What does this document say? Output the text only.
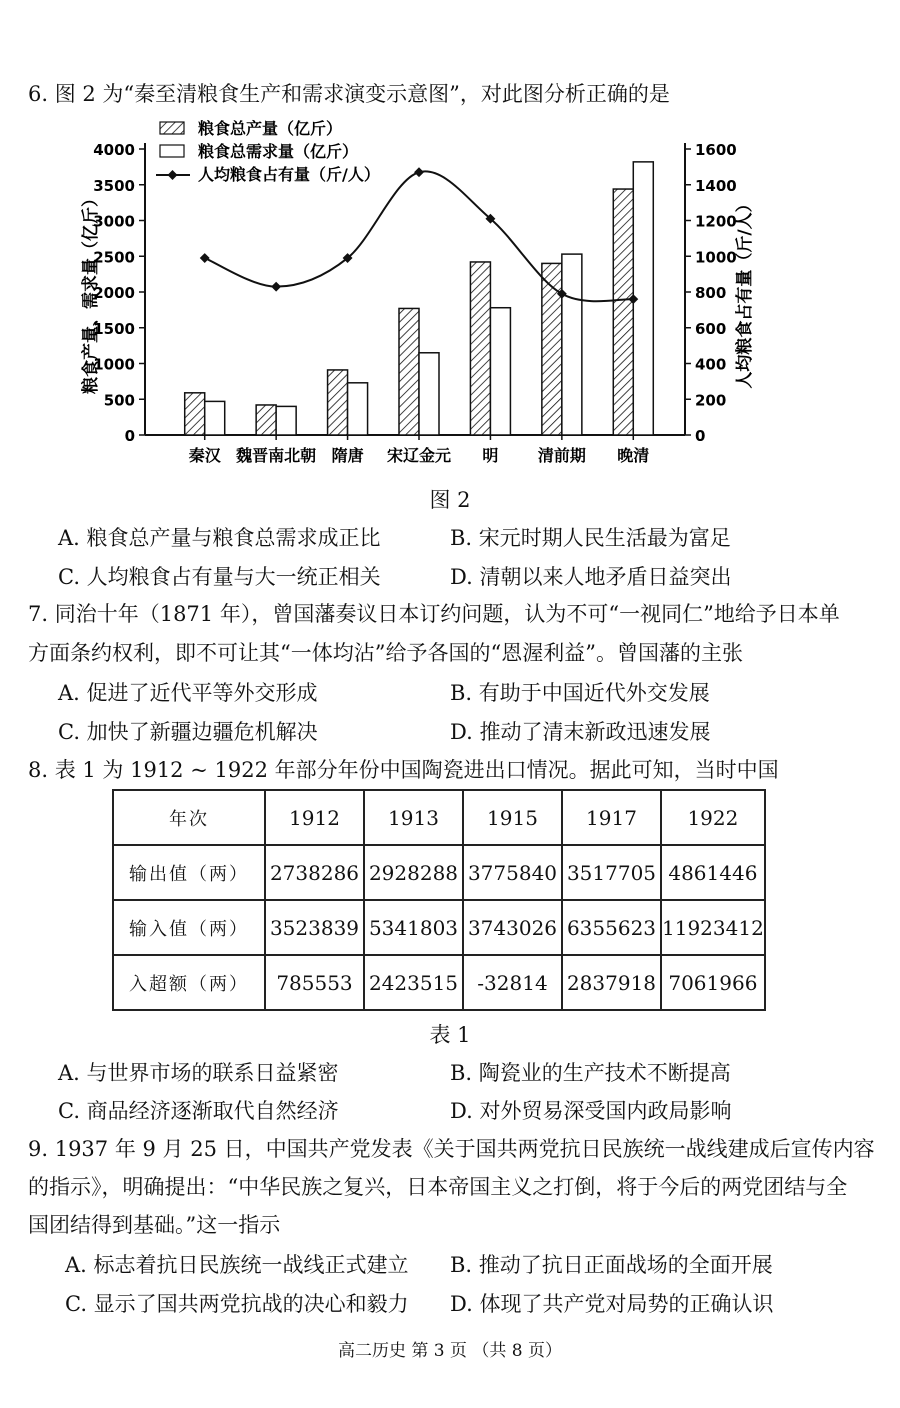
6. 图 2 为“秦至清粮食生产和需求演变示意图”，对此图分析正确的是
0
500
1000
1500
2000
2500
3000
3500
4000
0
200
400
600
800
1000
1200
1400
1600
秦汉 魏晋南北朝 隋唐 宋辽金元 明 清前期 晚清
粮食总产量（亿斤）
粮食总需求量（亿斤）
人均粮食占有量（斤/人）
粮食产量、需求量（亿斤）	人均粮食占有量（斤/人）
图 2
A. 粮食总产量与粮食总需求成正比	B. 宋元时期人民生活最为富足
C. 人均粮食占有量与大一统正相关	D. 清朝以来人地矛盾日益突出
7. 同治十年（1871 年），曾国藩奏议日本订约问题，认为不可“一视同仁”地给予日本单
方面条约权利，即不可让其“一体均沾”给予各国的“恩渥利益”。曾国藩的主张
A. 促进了近代平等外交形成	B. 有助于中国近代外交发展
C. 加快了新疆边疆危机解决	D. 推动了清末新政迅速发展
8. 表 1 为 1912 ~ 1922 年部分年份中国陶瓷进出口情况。据此可知，当时中国
年次	1912	1913	1915	1917	1922
输出值（两）	2738286	2928288	3775840	3517705	4861446
输入值（两）	3523839	5341803	3743026	6355623	11923412
入超额（两）	785553	2423515	-32814	2837918	7061966
表 1
A. 与世界市场的联系日益紧密	B. 陶瓷业的生产技术不断提高
C. 商品经济逐渐取代自然经济	D. 对外贸易深受国内政局影响
9. 1937 年 9 月 25 日，中国共产党发表《关于国共两党抗日民族统一战线建成后宣传内容
的指示》，明确提出：“中华民族之复兴，日本帝国主义之打倒，将于今后的两党团结与全
国团结得到基础。”这一指示
A. 标志着抗日民族统一战线正式建立 B. 推动了抗日正面战场的全面开展
C. 显示了国共两党抗战的决心和毅力 D. 体现了共产党对局势的正确认识
高二历史 第 3 页 （共 8 页）
